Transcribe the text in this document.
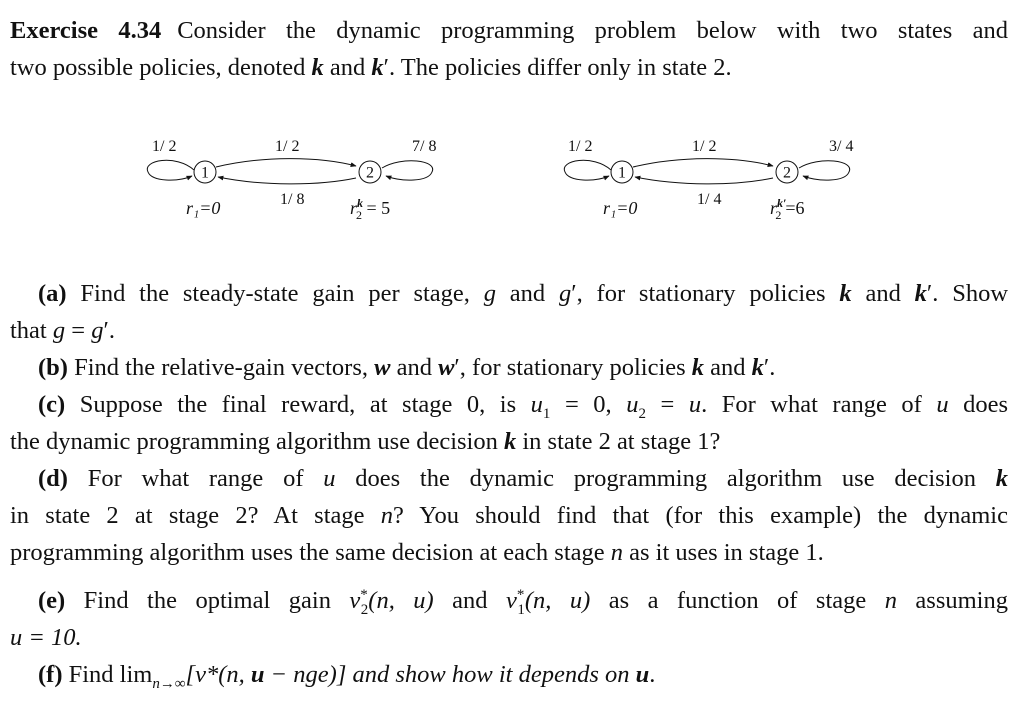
Exercise 4.34 Consider the dynamic programming problem below with two states and

two possible policies, denoted k and k′. The policies differ only in state 2.

1/ 2	1/ 2	7/ 8
1/ 8
1	2
r₁=0	$r^k$ 2 = 5
1/ 2	1/ 2	3/ 4
1/ 4
1	2
r₁=0	$r^{k'}$ 2 =6

(a) Find the steady-state gain per stage, g and g′, for stationary policies k and k′. Show

that g = g′.

(b) Find the relative-gain vectors, w and w′, for stationary policies k and k′.

(c) Suppose the final reward, at stage 0, is $u_1 = 0$, $u_2 = u$. For what range of u does

the dynamic programming algorithm use decision k in state 2 at stage 1?

(d) For what range of u does the dynamic programming algorithm use decision k

in state 2 at stage 2? At stage n? You should find that (for this example) the dynamic

programming algorithm uses the same decision at each stage n as it uses in stage 1.

(e) Find the optimal gain $v^*_2(n$, u) and $v^*_1(n$, u) as a function of stage n assuming

u = 10.

(f) Find $\lim_{n\to\infty}[v*(n$, u − nge)] and show how it depends on u.
